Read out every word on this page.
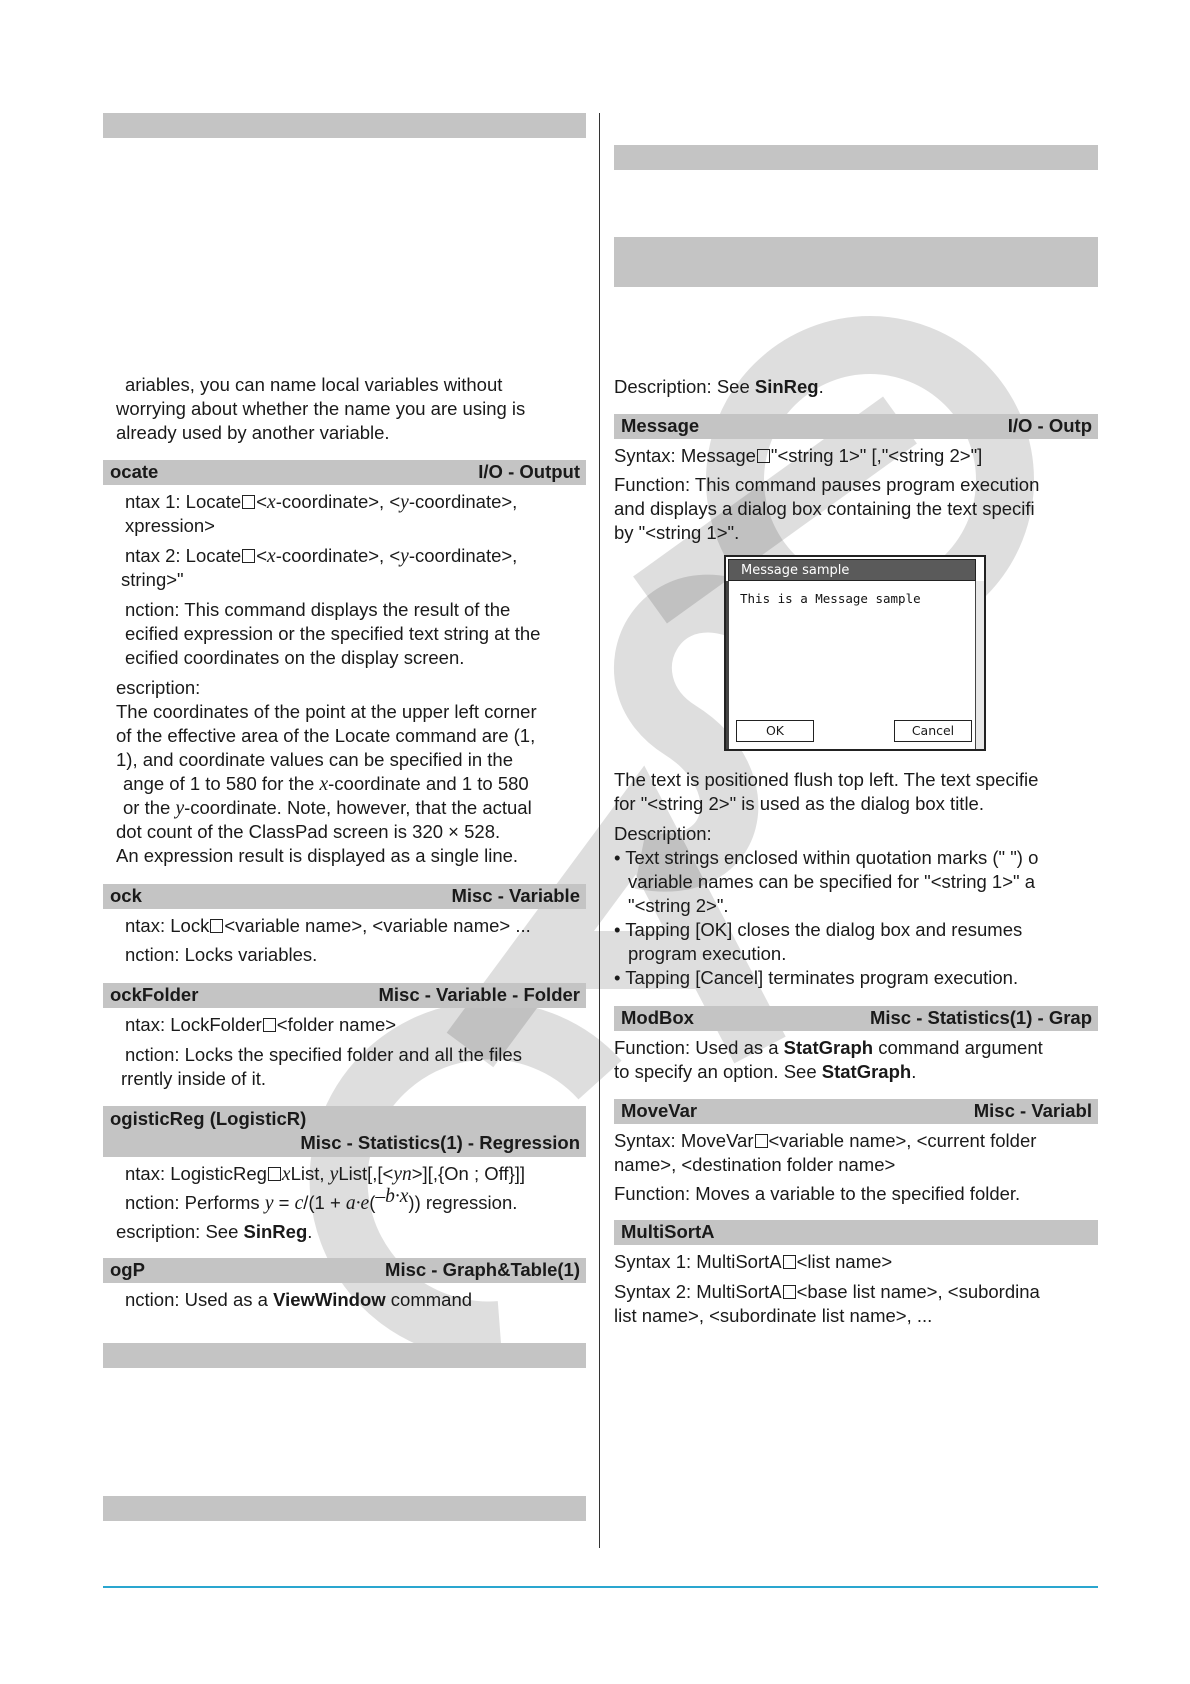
ariables, you can name local variables without
worrying about whether the name you are using is
already used by another variable.
ocate	I/O - Output
ntax 1: Locate <x-coordinate>, <y-coordinate>,
xpression>
ntax 2: Locate <x-coordinate>, <y-coordinate>,
string>"
nction: This command displays the result of the
ecified expression or the specified text string at the
ecified coordinates on the display screen.
escription:
The coordinates of the point at the upper left corner
of the effective area of the Locate command are (1,
1), and coordinate values can be specified in the
ange of 1 to 580 for the x-coordinate and 1 to 580
or the y-coordinate. Note, however, that the actual
dot count of the ClassPad screen is 320 × 528.
An expression result is displayed as a single line.
ock	Misc - Variable
ntax: Lock <variable name>, <variable name> ...
nction: Locks variables.
ockFolder	Misc - Variable - Folder
ntax: LockFolder <folder name>
nction: Locks the specified folder and all the files
rrently inside of it.
ogisticReg (LogisticR)
Misc - Statistics(1) - Regression
ntax: LogisticReg xList, yList[,[<yn>][,{On ; Off}]]
nction: Performs y = c/(1 + a·e($^{-b\cdot x}$)) regression.
escription: See SinReg.
ogP	Misc - Graph&Table(1)
nction: Used as a ViewWindow command
Description: See SinReg.
Message	I/O - Outp
Syntax: Message "<string 1>" [,"<string 2>"]
Function: This command pauses program execution
and displays a dialog box containing the text specifi
by "<string 1>".
Message sample
This is a Message sample
OK	Cancel
The text is positioned flush top left. The text specifie
for "<string 2>" is used as the dialog box title.
Description:
• Text strings enclosed within quotation marks (" ") o
variable names can be specified for "<string 1>" a
"<string 2>".
• Tapping [OK] closes the dialog box and resumes
program execution.
• Tapping [Cancel] terminates program execution.
ModBox	Misc - Statistics(1) - Grap
Function: Used as a StatGraph command argument
to specify an option. See StatGraph.
MoveVar	Misc - Variabl
Syntax: MoveVar <variable name>, <current folder
name>, <destination folder name>
Function: Moves a variable to the specified folder.
MultiSortA
Syntax 1: MultiSortA <list name>
Syntax 2: MultiSortA <base list name>, <subordina
list name>, <subordinate list name>, ...
